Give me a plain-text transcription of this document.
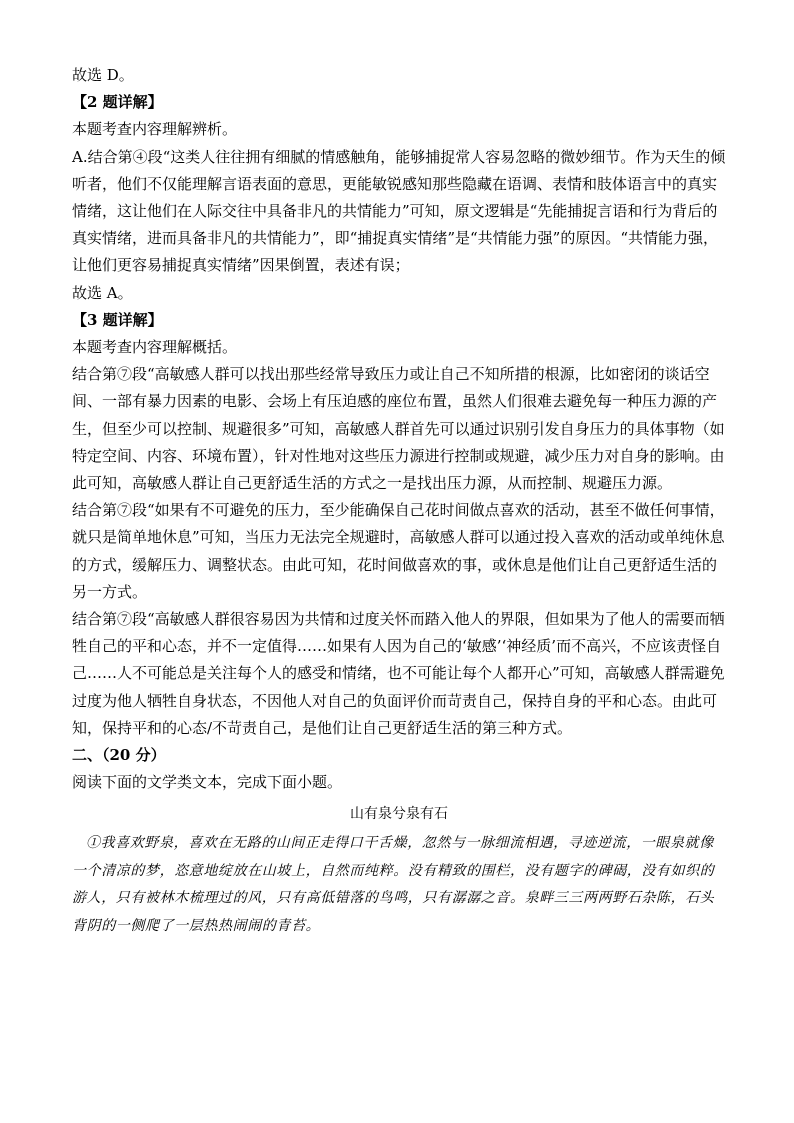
故选 D。

【2 题详解】

本题考查内容理解辨析。

A.结合第④段“这类人往往拥有细腻的情感触角，能够捕捉常人容易忽略的微妙细节。作为天生的倾听者，他们不仅能理解言语表面的意思，更能敏锐感知那些隐藏在语调、表情和肢体语言中的真实情绪，这让他们在人际交往中具备非凡的共情能力”可知，原文逻辑是“先能捕捉言语和行为背后的真实情绪，进而具备非凡的共情能力”，即“捕捉真实情绪”是“共情能力强”的原因。“共情能力强，让他们更容易捕捉真实情绪”因果倒置，表述有误；

故选 A。

【3 题详解】

本题考查内容理解概括。

结合第⑦段“高敏感人群可以找出那些经常导致压力或让自己不知所措的根源，比如密闭的谈话空间、一部有暴力因素的电影、会场上有压迫感的座位布置，虽然人们很难去避免每一种压力源的产生，但至少可以控制、规避很多”可知，高敏感人群首先可以通过识别引发自身压力的具体事物（如特定空间、内容、环境布置），针对性地对这些压力源进行控制或规避，减少压力对自身的影响。由此可知，高敏感人群让自己更舒适生活的方式之一是找出压力源，从而控制、规避压力源。

结合第⑦段“如果有不可避免的压力，至少能确保自己花时间做点喜欢的活动，甚至不做任何事情，就只是简单地休息”可知，当压力无法完全规避时，高敏感人群可以通过投入喜欢的活动或单纯休息的方式，缓解压力、调整状态。由此可知，花时间做喜欢的事，或休息是他们让自己更舒适生活的另一方式。

结合第⑦段“高敏感人群很容易因为共情和过度关怀而踏入他人的界限，但如果为了他人的需要而牺牲自己的平和心态，并不一定值得……如果有人因为自己的‘敏感’‘神经质’而不高兴，不应该责怪自己……人不可能总是关注每个人的感受和情绪，也不可能让每个人都开心”可知，高敏感人群需避免过度为他人牺牲自身状态，不因他人对自己的负面评价而苛责自己，保持自身的平和心态。由此可知，保持平和的心态/不苛责自己，是他们让自己更舒适生活的第三种方式。

二、（20 分）

阅读下面的文学类文本，完成下面小题。

山有泉兮泉有石

①我喜欢野泉，喜欢在无路的山间正走得口干舌燥，忽然与一脉细流相遇，寻迹逆流，一眼泉就像一个清凉的梦，恣意地绽放在山坡上，自然而纯粹。没有精致的围栏，没有题字的碑碣，没有如织的游人，只有被林木梳理过的风，只有高低错落的鸟鸣，只有潺潺之音。泉畔三三两两野石杂陈，石头背阴的一侧爬了一层热热闹闹的青苔。
